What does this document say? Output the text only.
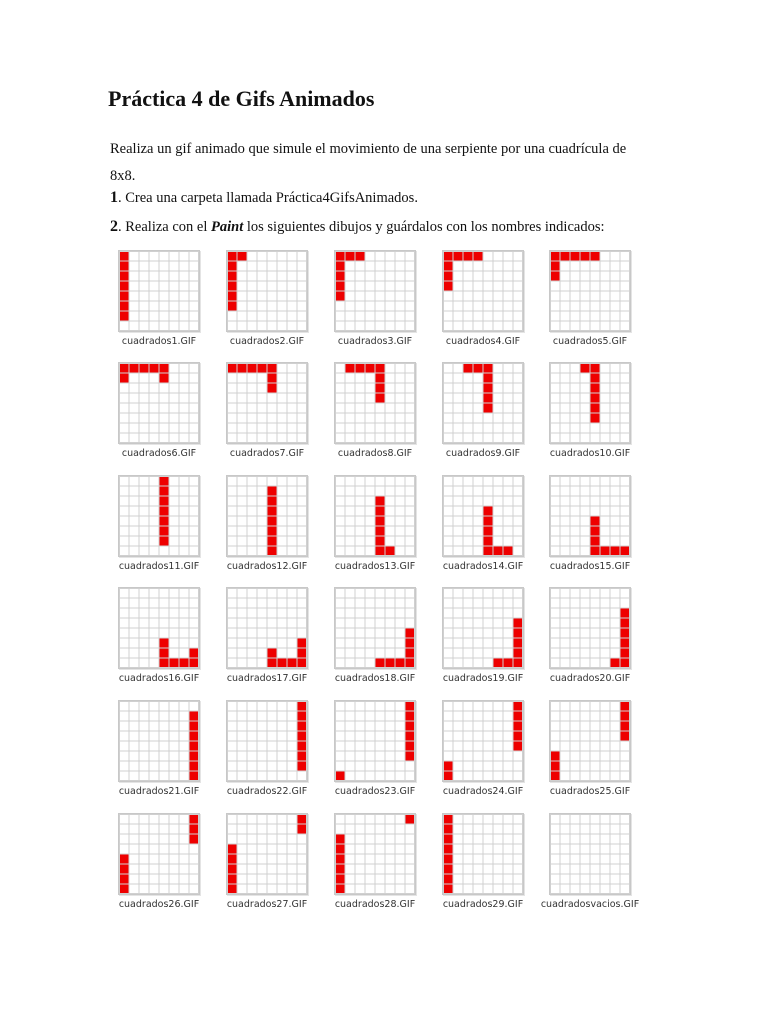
Práctica 4 de Gifs Animados

Realiza un gif animado que simule el movimiento de una serpiente por una cuadrícula de 8x8.

1. Crea una carpeta llamada Práctica4GifsAnimados.

2. Realiza con el Paint los siguientes dibujos y guárdalos con los nombres indicados:

cuadrados1.GIF	cuadrados2.GIF	cuadrados3.GIF	cuadrados4.GIF	cuadrados5.GIF
cuadrados6.GIF	cuadrados7.GIF	cuadrados8.GIF	cuadrados9.GIF	cuadrados10.GIF
cuadrados11.GIF	cuadrados12.GIF	cuadrados13.GIF	cuadrados14.GIF	cuadrados15.GIF
cuadrados16.GIF	cuadrados17.GIF	cuadrados18.GIF	cuadrados19.GIF	cuadrados20.GIF
cuadrados21.GIF	cuadrados22.GIF	cuadrados23.GIF	cuadrados24.GIF	cuadrados25.GIF
cuadrados26.GIF	cuadrados27.GIF	cuadrados28.GIF	cuadrados29.GIF	cuadradosvacios.GIF
